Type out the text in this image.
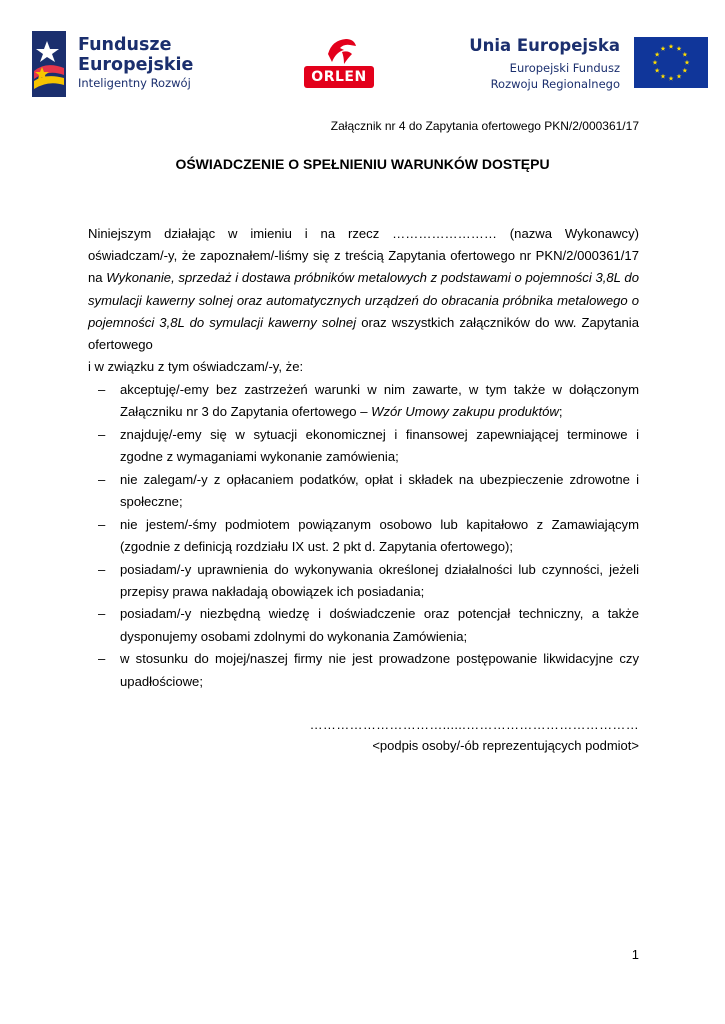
Fundusze
Europejskie
Inteligentny Rozwój	ORLEN
Unia Europejska
Europejski Fundusz
Rozwoju Regionalnego
Załącznik nr 4 do Zapytania ofertowego PKN/2/000361/17
OŚWIADCZENIE O SPEŁNIENIU WARUNKÓW DOSTĘPU

Niniejszym działając w imieniu i na rzecz …………………… (nazwa Wykonawcy) oświadczam/-y, że zapoznałem/-liśmy się z treścią Zapytania ofertowego nr PKN/2/000361/17 na Wykonanie, sprzedaż i dostawa próbników metalowych z podstawami o pojemności 3,8L do symulacji kawerny solnej oraz automatycznych urządzeń do obracania próbnika metalowego o pojemności 3,8L do symulacji kawerny solnej oraz wszystkich załączników do ww. Zapytania ofertowego

i w związku z tym oświadczam/-y, że:

– akceptuję/-emy bez zastrzeżeń warunki w nim zawarte, w tym także w dołączonym Załączniku nr 3 do Zapytania ofertowego – Wzór Umowy zakupu produktów;
– znajduję/-emy się w sytuacji ekonomicznej i finansowej zapewniającej terminowe i zgodne z wymaganiami wykonanie zamówienia;
– nie zalegam/-y z opłacaniem podatków, opłat i składek na ubezpieczenie zdrowotne i społeczne;
– nie jestem/-śmy podmiotem powiązanym osobowo lub kapitałowo z Zamawiającym (zgodnie z definicją rozdziału IX ust. 2 pkt d. Zapytania ofertowego);
– posiadam/-y uprawnienia do wykonywania określonej działalności lub czynności, jeżeli przepisy prawa nakładają obowiązek ich posiadania;
– posiadam/-y niezbędną wiedzę i doświadczenie oraz potencjał techniczny, a także dysponujemy osobami zdolnymi do wykonania Zamówienia;
– w stosunku do mojej/naszej firmy nie jest prowadzone postępowanie likwidacyjne czy upadłościowe;
…………………………......…………………………………
<podpis osoby/-ób reprezentujących podmiot>
1
